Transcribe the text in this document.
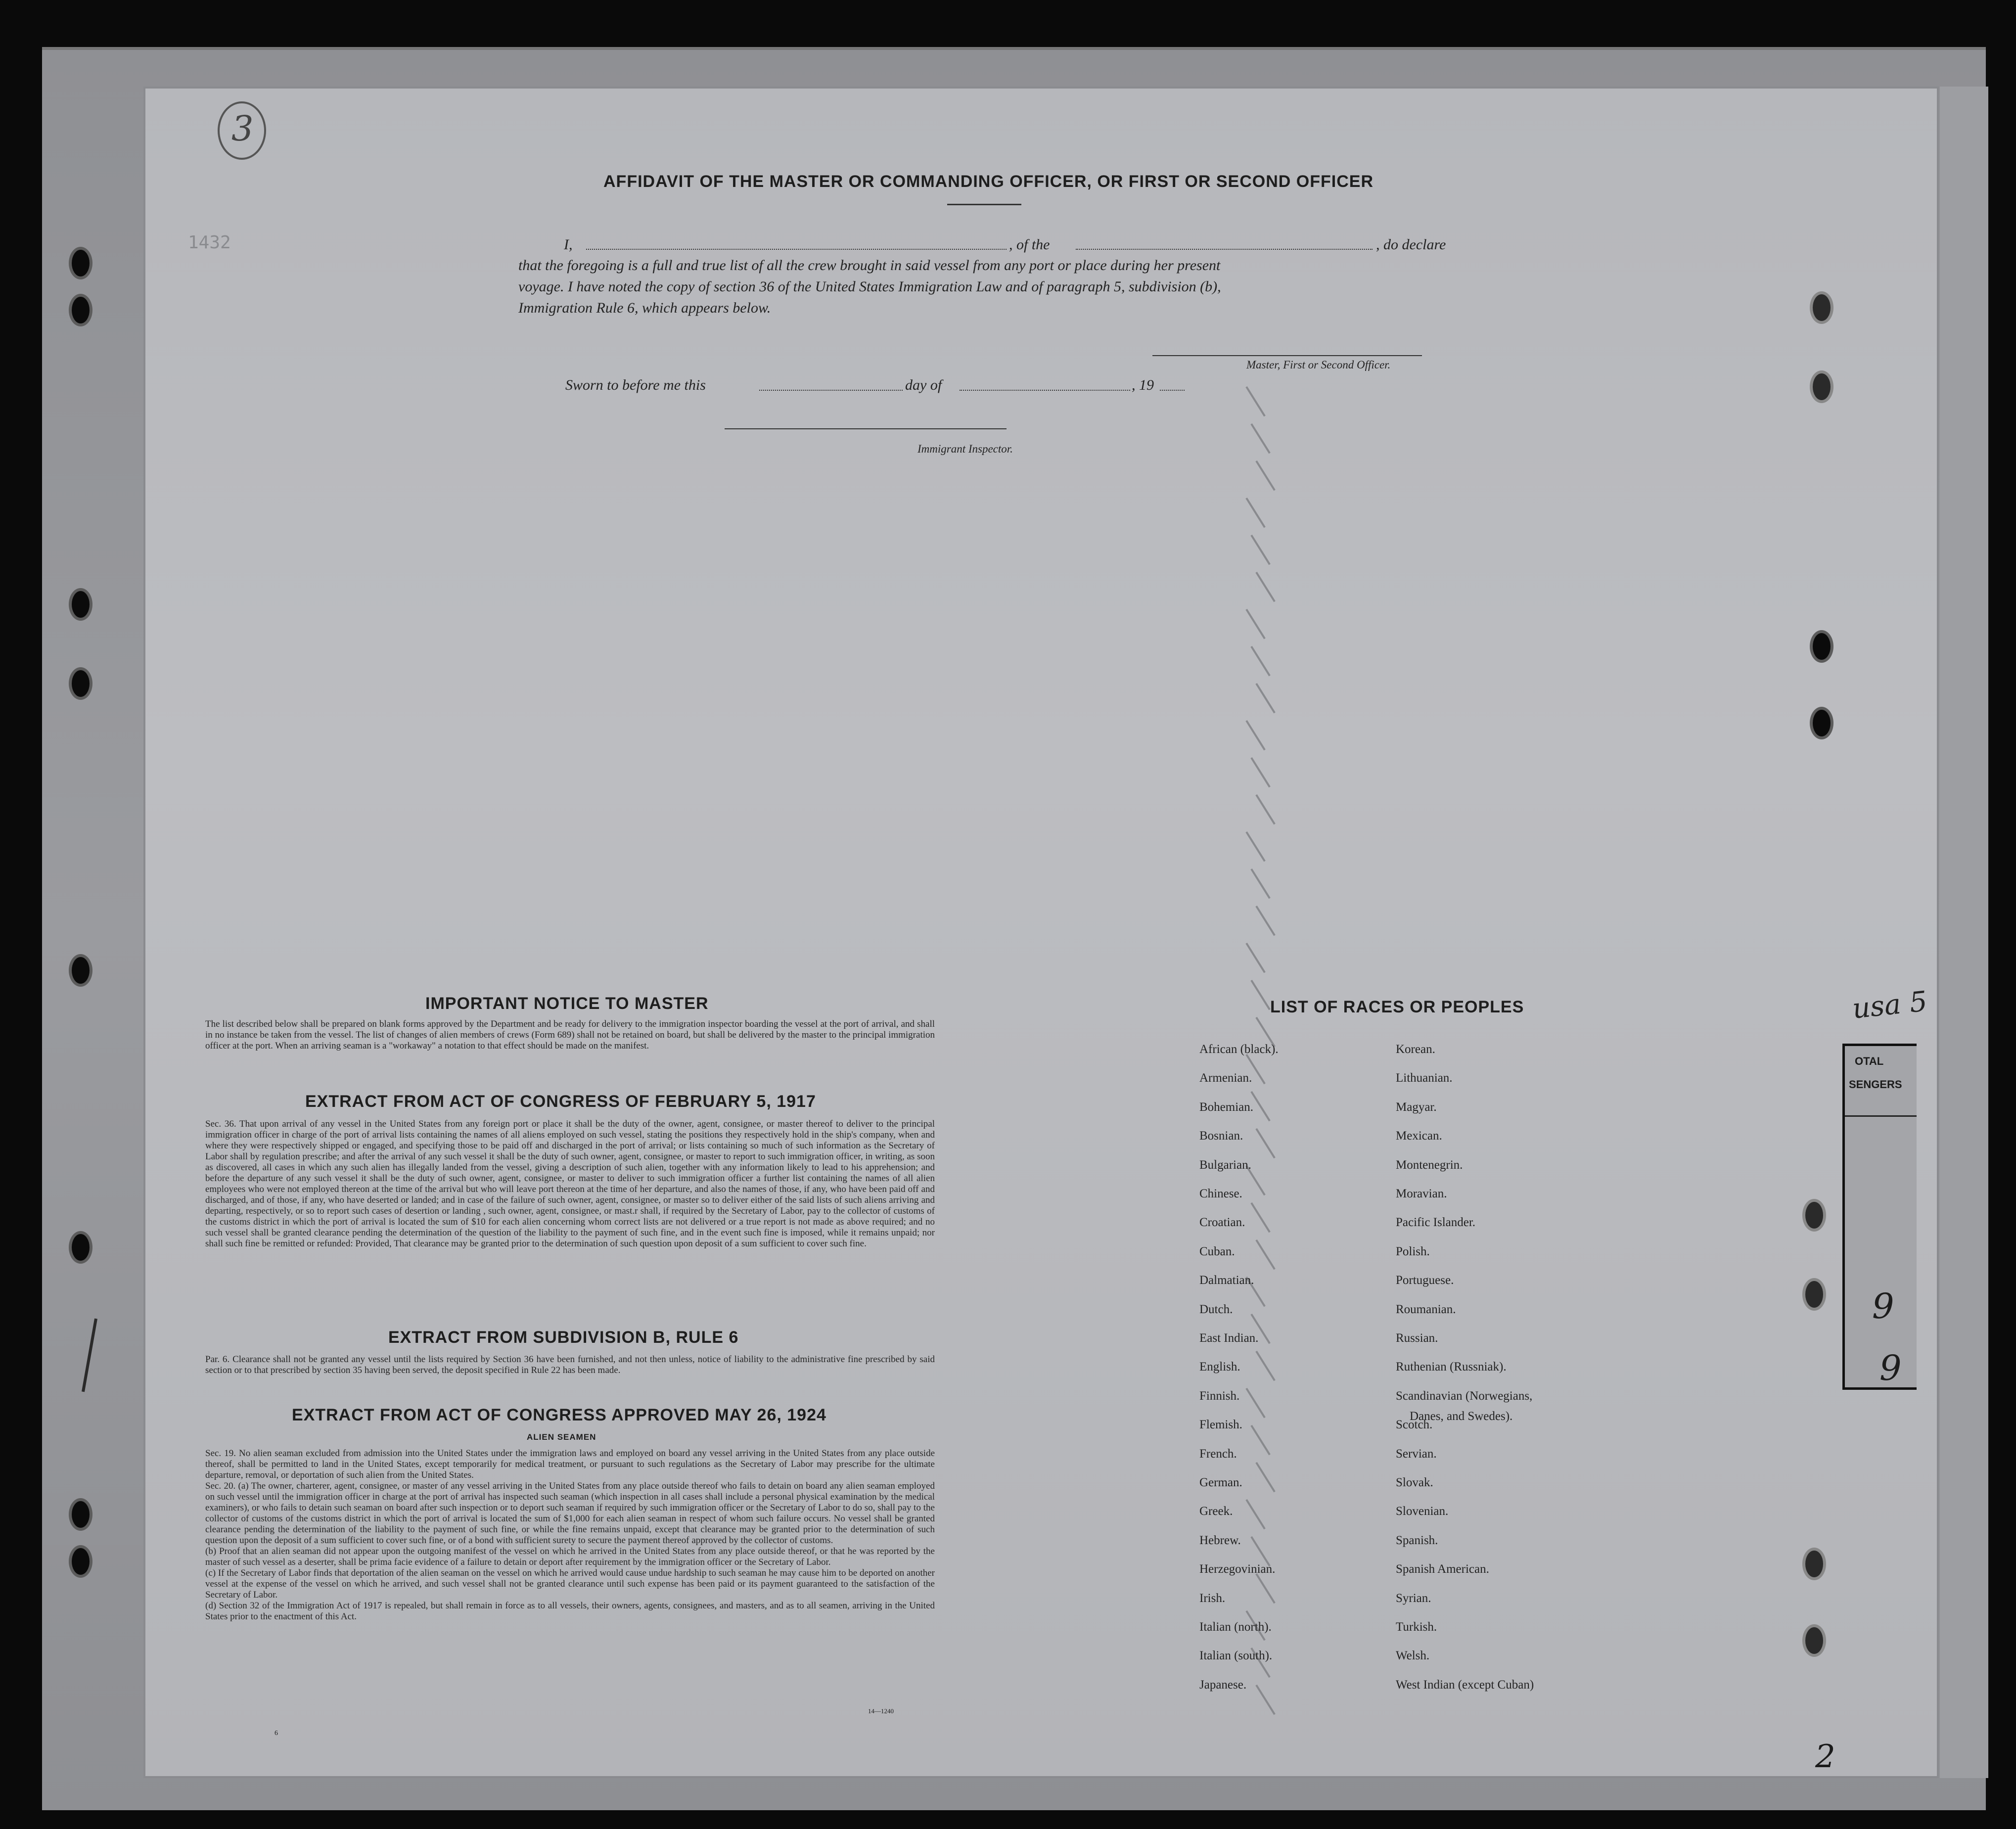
3
1432
AFFIDAVIT OF THE MASTER OR COMMANDING OFFICER, OR FIRST OR SECOND OFFICER
I,	, of the	, do declare
that the foregoing is a full and true list of all the crew brought in said vessel from any port or place during her present
voyage. I have noted the copy of section 36 of the United States Immigration Law and of paragraph 5, subdivision (b),
Immigration Rule 6, which appears below.
Master, First or Second Officer.
Sworn to before me this	day of	, 19
Immigrant Inspector.
IMPORTANT NOTICE TO MASTER
The list described below shall be prepared on blank forms approved by the Department and be ready for delivery to the immigration inspector boarding the vessel at the port of arrival, and shall in no instance be taken from the vessel. The list of changes of alien members of crews (Form 689) shall not be retained on board, but shall be delivered by the master to the principal immigration officer at the port. When an arriving seaman is a "workaway" a notation to that effect should be made on the manifest.
EXTRACT FROM ACT OF CONGRESS OF FEBRUARY 5, 1917
Sec. 36. That upon arrival of any vessel in the United States from any foreign port or place it shall be the duty of the owner, agent, consignee, or master thereof to deliver to the principal immigration officer in charge of the port of arrival lists containing the names of all aliens employed on such vessel, stating the positions they respectively hold in the ship's company, when and where they were respectively shipped or engaged, and specifying those to be paid off and discharged in the port of arrival; or lists containing so much of such information as the Secretary of Labor shall by regulation prescribe; and after the arrival of any such vessel it shall be the duty of such owner, agent, consignee, or master to report to such immigration officer, in writing, as soon as discovered, all cases in which any such alien has illegally landed from the vessel, giving a description of such alien, together with any information likely to lead to his apprehension; and before the departure of any such vessel it shall be the duty of such owner, agent, consignee, or master to deliver to such immigration officer a further list containing the names of all alien employees who were not employed thereon at the time of the arrival but who will leave port thereon at the time of her departure, and also the names of those, if any, who have been paid off and discharged, and of those, if any, who have deserted or landed; and in case of the failure of such owner, agent, consignee, or master so to deliver either of the said lists of such aliens arriving and departing, respectively, or so to report such cases of desertion or landing , such owner, agent, consignee, or mast.r shall, if required by the Secretary of Labor, pay to the collector of customs of the customs district in which the port of arrival is located the sum of $10 for each alien concerning whom correct lists are not delivered or a true report is not made as above required; and no such vessel shall be granted clearance pending the determination of the question of the liability to the payment of such fine, and in the event such fine is imposed, while it remains unpaid; nor shall such fine be remitted or refunded: Provided, That clearance may be granted prior to the determination of such question upon deposit of a sum sufficient to cover such fine.
EXTRACT FROM SUBDIVISION B, RULE 6
Par. 6. Clearance shall not be granted any vessel until the lists required by Section 36 have been furnished, and not then unless, notice of liability to the administrative fine prescribed by said section or to that prescribed by section 35 having been served, the deposit specified in Rule 22 has been made.
EXTRACT FROM ACT OF CONGRESS APPROVED MAY 26, 1924
ALIEN SEAMEN
Sec. 19. No alien seaman excluded from admission into the United States under the immigration laws and employed on board any vessel arriving in the United States from any place outside thereof, shall be permitted to land in the United States, except temporarily for medical treatment, or pursuant to such regulations as the Secretary of Labor may prescribe for the ultimate departure, removal, or deportation of such alien from the United States.
Sec. 20. (a) The owner, charterer, agent, consignee, or master of any vessel arriving in the United States from any place outside thereof who fails to detain on board any alien seaman employed on such vessel until the immigration officer in charge at the port of arrival has inspected such seaman (which inspection in all cases shall include a personal physical examination by the medical examiners), or who fails to detain such seaman on board after such inspection or to deport such seaman if required by such immigration officer or the Secretary of Labor to do so, shall pay to the collector of customs of the customs district in which the port of arrival is located the sum of $1,000 for each alien seaman in respect of whom such failure occurs. No vessel shall be granted clearance pending the determination of the liability to the payment of such fine, or while the fine remains unpaid, except that clearance may be granted prior to the determination of such question upon the deposit of a sum sufficient to cover such fine, or of a bond with sufficient surety to secure the payment thereof approved by the collector of customs.
(b) Proof that an alien seaman did not appear upon the outgoing manifest of the vessel on which he arrived in the United States from any place outside thereof, or that he was reported by the master of such vessel as a deserter, shall be prima facie evidence of a failure to detain or deport after requirement by the immigration officer or the Secretary of Labor.
(c) If the Secretary of Labor finds that deportation of the alien seaman on the vessel on which he arrived would cause undue hardship to such seaman he may cause him to be deported on another vessel at the expense of the vessel on which he arrived, and such vessel shall not be granted clearance until such expense has been paid or its payment guaranteed to the satisfaction of the Secretary of Labor.
(d) Section 32 of the Immigration Act of 1917 is repealed, but shall remain in force as to all vessels, their owners, agents, consignees, and masters, and as to all seamen, arriving in the United States prior to the enactment of this Act.
14—1240
6
LIST OF RACES OR PEOPLES
African (black).
Armenian.
Bohemian.
Bosnian.
Bulgarian.
Chinese.
Croatian.
Cuban.
Dalmatian.
Dutch.
East Indian.
English.
Finnish.
Flemish.
French.
German.
Greek.
Hebrew.
Herzegovinian.
Irish.
Italian (north).
Italian (south).
Japanese.
Korean.
Lithuanian.
Magyar.
Mexican.
Montenegrin.
Moravian.
Pacific Islander.
Polish.
Portuguese.
Roumanian.
Russian.
Ruthenian (Russniak).
Scandinavian (Norwegians,
Scotch.
Servian.
Slovak.
Slovenian.
Spanish.
Spanish American.
Syrian.
Turkish.
Welsh.
West Indian (except Cuban)
Danes, and Swedes).
OTAL
SENGERS
9
9
usa 5
2
